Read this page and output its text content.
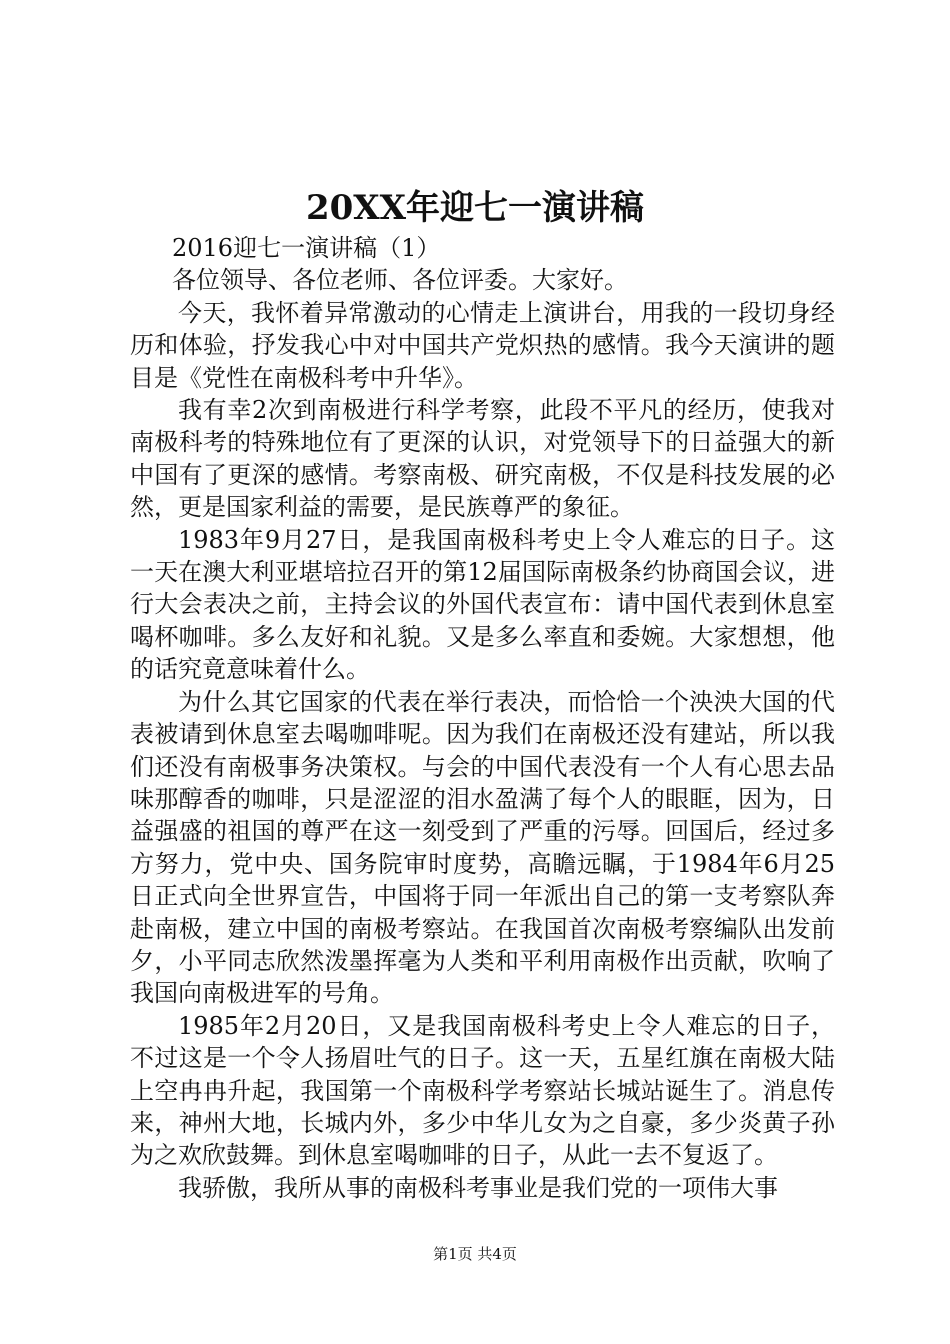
20XX年迎七一演讲稿

2016迎七一演讲稿（1）

各位领导、各位老师、各位评委。大家好。

今天，我怀着异常激动的心情走上演讲台，用我的一段切身经历和体验，抒发我心中对中国共产党炽热的感情。我今天演讲的题目是《党性在南极科考中升华》。

我有幸2次到南极进行科学考察，此段不平凡的经历，使我对南极科考的特殊地位有了更深的认识，对党领导下的日益强大的新中国有了更深的感情。考察南极、研究南极，不仅是科技发展的必然，更是国家利益的需要，是民族尊严的象征。

1983年9月27日，是我国南极科考史上令人难忘的日子。这一天在澳大利亚堪培拉召开的第12届国际南极条约协商国会议，进行大会表决之前，主持会议的外国代表宣布：请中国代表到休息室喝杯咖啡。多么友好和礼貌。又是多么率直和委婉。大家想想，他的话究竟意味着什么。

为什么其它国家的代表在举行表决，而恰恰一个泱泱大国的代表被请到休息室去喝咖啡呢。因为我们在南极还没有建站，所以我们还没有南极事务决策权。与会的中国代表没有一个人有心思去品味那醇香的咖啡，只是涩涩的泪水盈满了每个人的眼眶，因为，日益强盛的祖国的尊严在这一刻受到了严重的污辱。回国后，经过多方努力，党中央、国务院审时度势，高瞻远瞩，于1984年6月25日正式向全世界宣告，中国将于同一年派出自己的第一支考察队奔赴南极，建立中国的南极考察站。在我国首次南极考察编队出发前夕，小平同志欣然泼墨挥毫为人类和平利用南极作出贡献，吹响了我国向南极进军的号角。

1985年2月20日，又是我国南极科考史上令人难忘的日子，不过这是一个令人扬眉吐气的日子。这一天，五星红旗在南极大陆上空冉冉升起，我国第一个南极科学考察站长城站诞生了。消息传来，神州大地，长城内外，多少中华儿女为之自豪，多少炎黄子孙为之欢欣鼓舞。到休息室喝咖啡的日子，从此一去不复返了。

我骄傲，我所从事的南极科考事业是我们党的一项伟大事

第1页 共4页
